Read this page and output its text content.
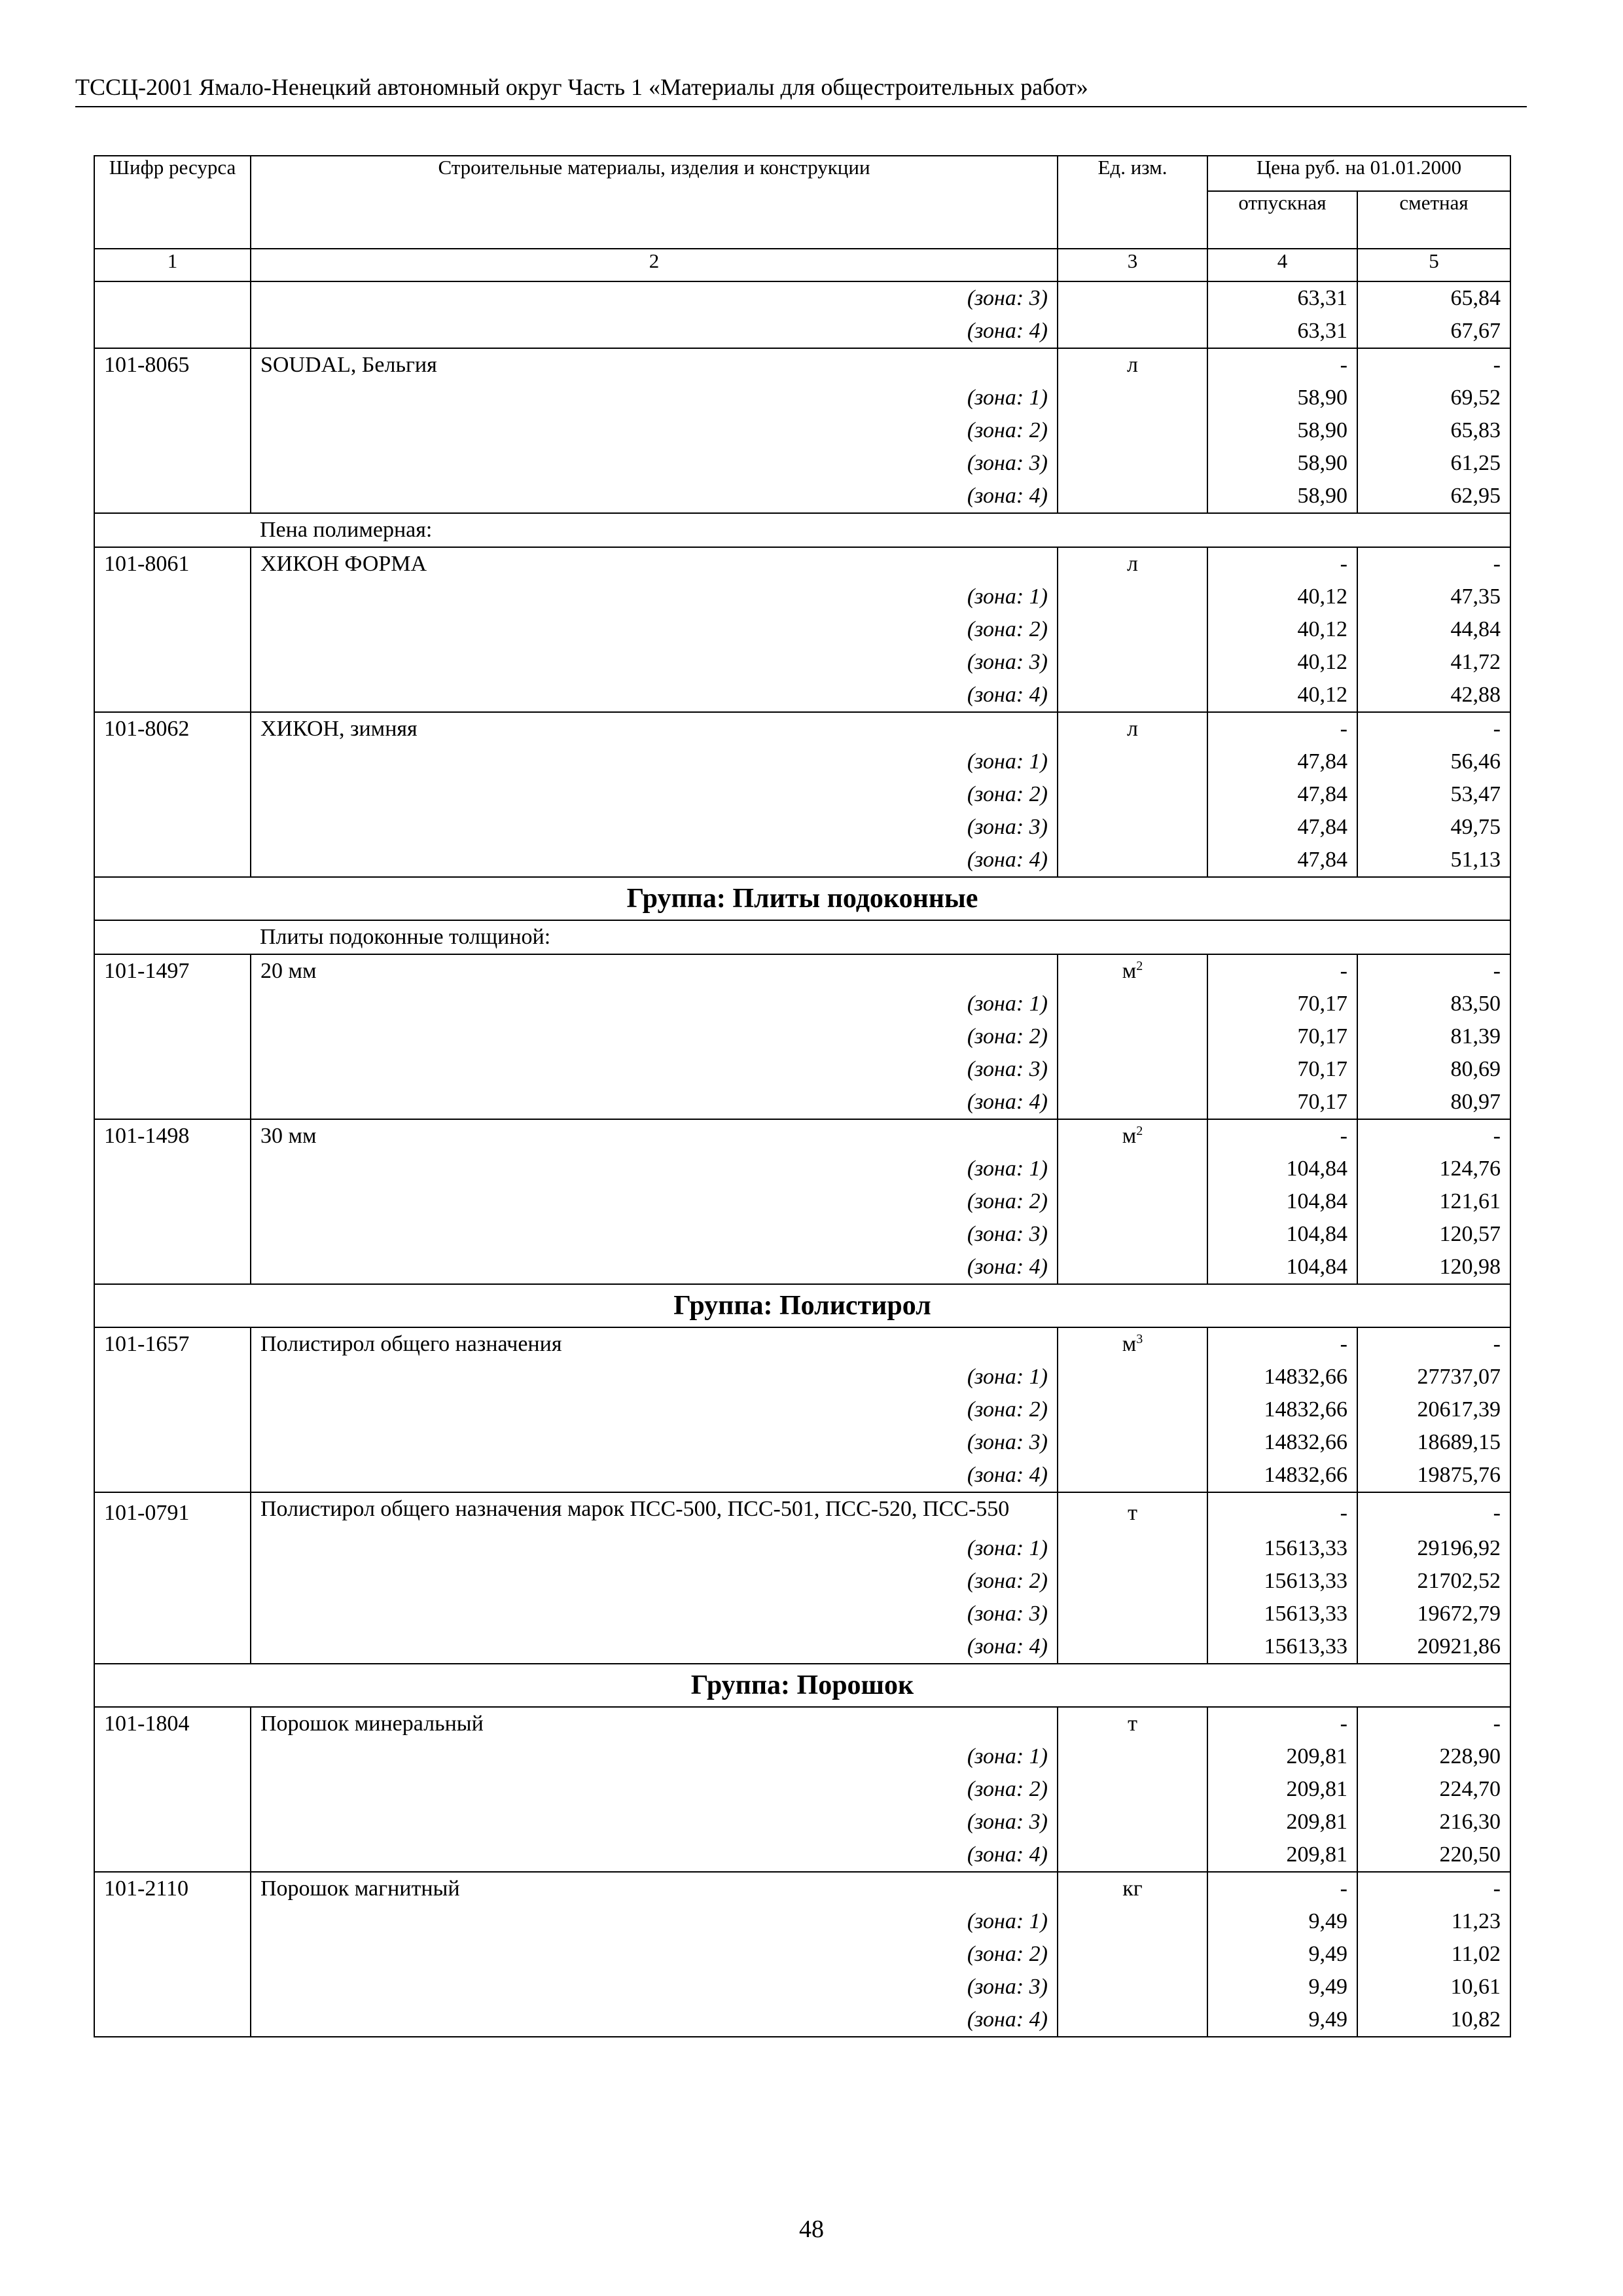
ТССЦ-2001 Ямало-Ненецкий автономный округ Часть 1 «Материалы для общестроительных работ»
Шифр ресурса	Строительные материалы, изделия и конструкции	Ед. изм.	Цена руб. на 01.01.2000	
			отпускная	сметная
1	2	3	4	5
	(зона: 3)		63,31	65,84
	(зона: 4)		63,31	67,67
101-8065	SOUDAL, Бельгия	л	-	-
	(зона: 1)		58,90	69,52
	(зона: 2)		58,90	65,83
	(зона: 3)		58,90	61,25
	(зона: 4)		58,90	62,95
	Пена полимерная:			
101-8061	ХИКОН ФОРМА	л	-	-
	(зона: 1)		40,12	47,35
	(зона: 2)		40,12	44,84
	(зона: 3)		40,12	41,72
	(зона: 4)		40,12	42,88
101-8062	ХИКОН, зимняя	л	-	-
	(зона: 1)		47,84	56,46
	(зона: 2)		47,84	53,47
	(зона: 3)		47,84	49,75
	(зона: 4)		47,84	51,13
Группа: Плиты подоконные				
	Плиты подоконные толщиной:			
101-1497	20 мм	$м^2$	-	-
	(зона: 1)		70,17	83,50
	(зона: 2)		70,17	81,39
	(зона: 3)		70,17	80,69
	(зона: 4)		70,17	80,97
101-1498	30 мм	$м^2$	-	-
	(зона: 1)		104,84	124,76
	(зона: 2)		104,84	121,61
	(зона: 3)		104,84	120,57
	(зона: 4)		104,84	120,98
Группа: Полистирол				
101-1657	Полистирол общего назначения	$м^3$	-	-
	(зона: 1)		14832,66	27737,07
	(зона: 2)		14832,66	20617,39
	(зона: 3)		14832,66	18689,15
	(зона: 4)		14832,66	19875,76
101-0791	Полистирол общего назначения марок ПСС-500, ПСС-501, ПСС-520, ПСС-550	т	-	-
	(зона: 1)		15613,33	29196,92
	(зона: 2)		15613,33	21702,52
	(зона: 3)		15613,33	19672,79
	(зона: 4)		15613,33	20921,86
Группа: Порошок				
101-1804	Порошок минеральный	т	-	-
	(зона: 1)		209,81	228,90
	(зона: 2)		209,81	224,70
	(зона: 3)		209,81	216,30
	(зона: 4)		209,81	220,50
101-2110	Порошок магнитный	кг	-	-
	(зона: 1)		9,49	11,23
	(зона: 2)		9,49	11,02
	(зона: 3)		9,49	10,61
	(зона: 4)		9,49	10,82
48
